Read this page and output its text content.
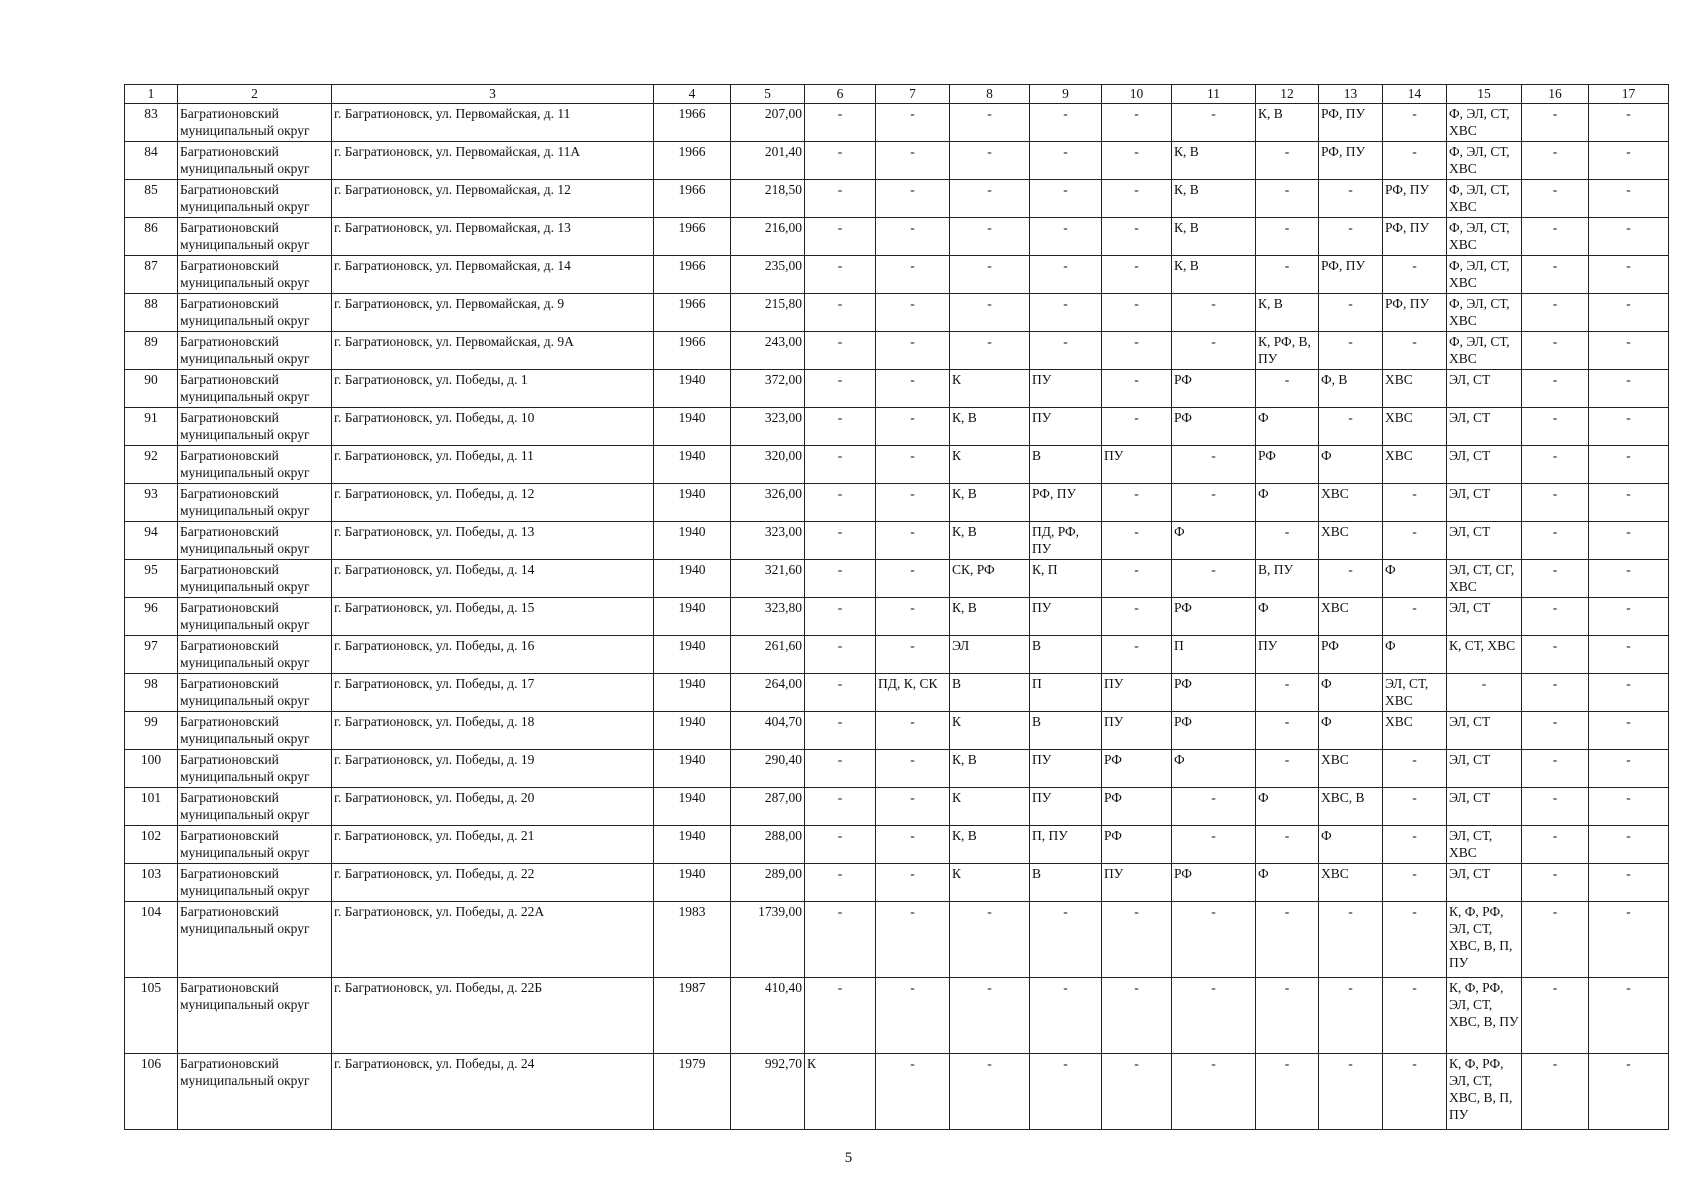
1	2	3	4	5	6	7	8	9	10	11	12	13	14	15	16	17
83	Багратионовский муниципальный округ	г. Багратионовск, ул. Первомайская, д. 11	1966	207,00	-	-	-	-	-	-	К, В	РФ, ПУ	-	Ф, ЭЛ, СТ, ХВС	-	-
84	Багратионовский муниципальный округ	г. Багратионовск, ул. Первомайская, д. 11А	1966	201,40	-	-	-	-	-	К, В	-	РФ, ПУ	-	Ф, ЭЛ, СТ, ХВС	-	-
85	Багратионовский муниципальный округ	г. Багратионовск, ул. Первомайская, д. 12	1966	218,50	-	-	-	-	-	К, В	-	-	РФ, ПУ	Ф, ЭЛ, СТ, ХВС	-	-
86	Багратионовский муниципальный округ	г. Багратионовск, ул. Первомайская, д. 13	1966	216,00	-	-	-	-	-	К, В	-	-	РФ, ПУ	Ф, ЭЛ, СТ, ХВС	-	-
87	Багратионовский муниципальный округ	г. Багратионовск, ул. Первомайская, д. 14	1966	235,00	-	-	-	-	-	К, В	-	РФ, ПУ	-	Ф, ЭЛ, СТ, ХВС	-	-
88	Багратионовский муниципальный округ	г. Багратионовск, ул. Первомайская, д. 9	1966	215,80	-	-	-	-	-	-	К, В	-	РФ, ПУ	Ф, ЭЛ, СТ, ХВС	-	-
89	Багратионовский муниципальный округ	г. Багратионовск, ул. Первомайская, д. 9А	1966	243,00	-	-	-	-	-	-	К, РФ, В, ПУ	-	-	Ф, ЭЛ, СТ, ХВС	-	-
90	Багратионовский муниципальный округ	г. Багратионовск, ул. Победы, д. 1	1940	372,00	-	-	К	ПУ	-	РФ	-	Ф, В	ХВС	ЭЛ, СТ	-	-
91	Багратионовский муниципальный округ	г. Багратионовск, ул. Победы, д. 10	1940	323,00	-	-	К, В	ПУ	-	РФ	Ф	-	ХВС	ЭЛ, СТ	-	-
92	Багратионовский муниципальный округ	г. Багратионовск, ул. Победы, д. 11	1940	320,00	-	-	К	В	ПУ	-	РФ	Ф	ХВС	ЭЛ, СТ	-	-
93	Багратионовский муниципальный округ	г. Багратионовск, ул. Победы, д. 12	1940	326,00	-	-	К, В	РФ, ПУ	-	-	Ф	ХВС	-	ЭЛ, СТ	-	-
94	Багратионовский муниципальный округ	г. Багратионовск, ул. Победы, д. 13	1940	323,00	-	-	К, В	ПД, РФ, ПУ	-	Ф	-	ХВС	-	ЭЛ, СТ	-	-
95	Багратионовский муниципальный округ	г. Багратионовск, ул. Победы, д. 14	1940	321,60	-	-	СК, РФ	К, П	-	-	В, ПУ	-	Ф	ЭЛ, СТ, СГ, ХВС	-	-
96	Багратионовский муниципальный округ	г. Багратионовск, ул. Победы, д. 15	1940	323,80	-	-	К, В	ПУ	-	РФ	Ф	ХВС	-	ЭЛ, СТ	-	-
97	Багратионовский муниципальный округ	г. Багратионовск, ул. Победы, д. 16	1940	261,60	-	-	ЭЛ	В	-	П	ПУ	РФ	Ф	К, СТ, ХВС	-	-
98	Багратионовский муниципальный округ	г. Багратионовск, ул. Победы, д. 17	1940	264,00	-	ПД, К, СК	В	П	ПУ	РФ	-	Ф	ЭЛ, СТ, ХВС	-	-	-
99	Багратионовский муниципальный округ	г. Багратионовск, ул. Победы, д. 18	1940	404,70	-	-	К	В	ПУ	РФ	-	Ф	ХВС	ЭЛ, СТ	-	-
100	Багратионовский муниципальный округ	г. Багратионовск, ул. Победы, д. 19	1940	290,40	-	-	К, В	ПУ	РФ	Ф	-	ХВС	-	ЭЛ, СТ	-	-
101	Багратионовский муниципальный округ	г. Багратионовск, ул. Победы, д. 20	1940	287,00	-	-	К	ПУ	РФ	-	Ф	ХВС, В	-	ЭЛ, СТ	-	-
102	Багратионовский муниципальный округ	г. Багратионовск, ул. Победы, д. 21	1940	288,00	-	-	К, В	П, ПУ	РФ	-	-	Ф	-	ЭЛ, СТ, ХВС	-	-
103	Багратионовский муниципальный округ	г. Багратионовск, ул. Победы, д. 22	1940	289,00	-	-	К	В	ПУ	РФ	Ф	ХВС	-	ЭЛ, СТ	-	-
104	Багратионовский муниципальный округ	г. Багратионовск, ул. Победы, д. 22А	1983	1739,00	-	-	-	-	-	-	-	-	-	К, Ф, РФ, ЭЛ, СТ, ХВС, В, П, ПУ	-	-
105	Багратионовский муниципальный округ	г. Багратионовск, ул. Победы, д. 22Б	1987	410,40	-	-	-	-	-	-	-	-	-	К, Ф, РФ, ЭЛ, СТ, ХВС, В, ПУ	-	-
106	Багратионовский муниципальный округ	г. Багратионовск, ул. Победы, д. 24	1979	992,70	К	-	-	-	-	-	-	-	-	К, Ф, РФ, ЭЛ, СТ, ХВС, В, П, ПУ	-	-
5
